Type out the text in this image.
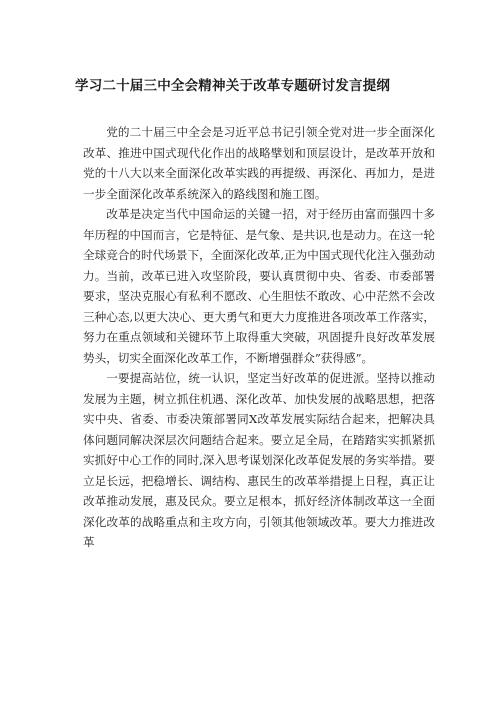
学习二十届三中全会精神关于改革专题研讨发言提纲

党的二十届三中全会是习近平总书记引领全党对进一步全面深化改革、推进中国式现代化作出的战略擘划和顶层设计，是改革开放和党的十八大以来全面深化改革实践的再提级、再深化、再加力，是进一步全面深化改革系统深入的路线图和施工图。

改革是决定当代中国命运的关键一招，对于经历由富而强四十多年历程的中国而言，它是特征、是气象、是共识,也是动力。在这一轮全球竞合的时代场景下，全面深化改革,正为中国式现代化注入强劲动力。当前，改革已进入攻坚阶段，要认真贯彻中央、省委、市委部署要求，坚决克服心有私利不愿改、心生胆怯不敢改、心中茫然不会改三种心态,以更大决心、更大勇气和更大力度推进各项改革工作落实，努力在重点领域和关键环节上取得重大突破，巩固提升良好改革发展势头，切实全面深化改革工作，不断增强群众”获得感”。

一要提高站位，统一认识，坚定当好改革的促进派。坚持以推动发展为主题，树立抓住机遇、深化改革、加快发展的战略思想，把落实中央、省委、市委决策部署同X改革发展实际结合起来，把解决具体问题同解决深层次问题结合起来。要立足全局，在踏踏实实抓紧抓实抓好中心工作的同时,深入思考谋划深化改革促发展的务实举措。要立足长远，把稳增长、调结构、惠民生的改革举措提上日程，真正让改革推动发展，惠及民众。要立足根本，抓好经济体制改革这一全面深化改革的战略重点和主攻方向，引领其他领域改革。要大力推进改革
